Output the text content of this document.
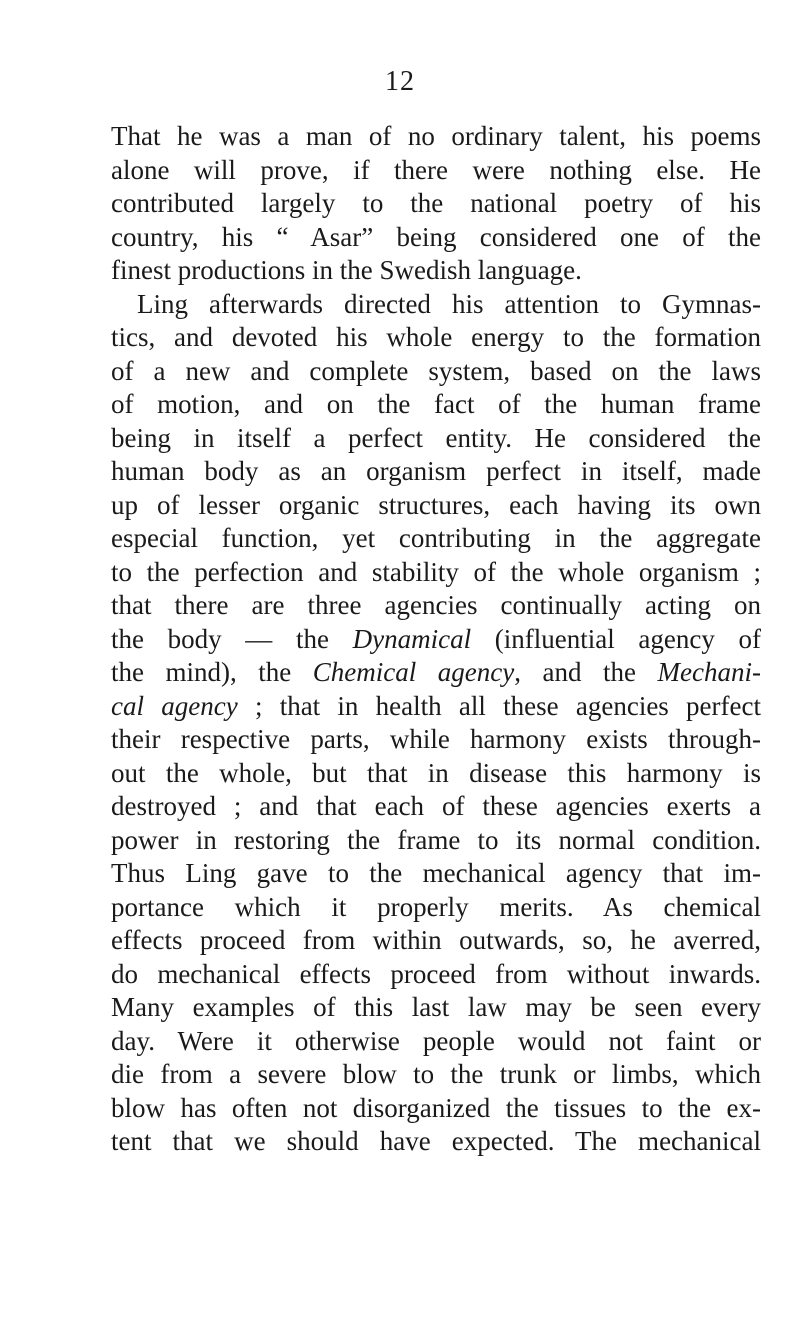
12
That he was a man of no ordinary talent, his poems
alone will prove, if there were nothing else. He
contributed largely to the national poetry of his
country, his “ Asar” being considered one of the
finest productions in the Swedish language.
Ling afterwards directed his attention to Gymnas-
tics, and devoted his whole energy to the formation
of a new and complete system, based on the laws
of motion, and on the fact of the human frame
being in itself a perfect entity. He considered the
human body as an organism perfect in itself, made
up of lesser organic structures, each having its own
especial function, yet contributing in the aggregate
to the perfection and stability of the whole organism ;
that there are three agencies continually acting on
the body — the Dynamical (influential agency of
the mind), the Chemical agency, and the Mechani-
cal agency ; that in health all these agencies perfect
their respective parts, while harmony exists through-
out the whole, but that in disease this harmony is
destroyed ; and that each of these agencies exerts a
power in restoring the frame to its normal condition.
Thus Ling gave to the mechanical agency that im-
portance which it properly merits. As chemical
effects proceed from within outwards, so, he averred,
do mechanical effects proceed from without inwards.
Many examples of this last law may be seen every
day. Were it otherwise people would not faint or
die from a severe blow to the trunk or limbs, which
blow has often not disorganized the tissues to the ex-
tent that we should have expected. The mechanical
